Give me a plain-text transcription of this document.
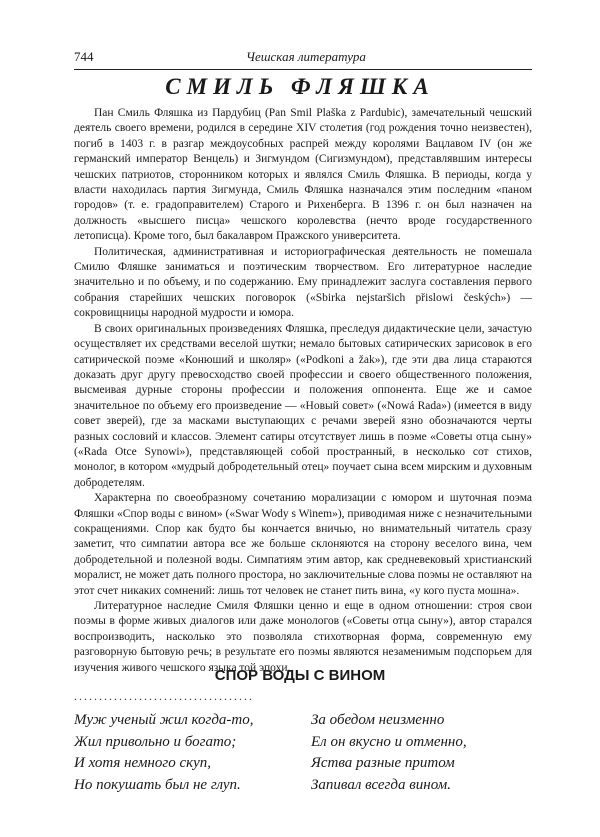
744	Чешская литература
СМИЛЬ ФЛЯШКА

Пан Смиль Фляшка из Пардубиц (Pan Smil Plaška z Pardubic), замечательный чешский деятель своего времени, родился в середине XIV столетия (год рождения точно неизвестен), погиб в 1403 г. в разгар междоусобных распрей между королями Вацлавом IV (он же германский император Венцель) и Зигмундом (Сигизмундом), представлявшим интересы чешских патриотов, сторонником которых и являлся Смиль Фляшка. В периоды, когда у власти находилась партия Зигмунда, Смиль Фляшка назначался этим последним «паном городов» (т. е. градоправителем) Старого и Рихенберга. В 1396 г. он был назначен на должность «высшего писца» чешского королевства (нечто вроде государственного летописца). Кроме того, был бакалавром Пражского университета.

Политическая, административная и историографическая деятельность не помешала Смилю Фляшке заниматься и поэтическим творчеством. Его литературное наследие значительно и по объему, и по содержанию. Ему принадлежит заслуга составления первого собрания старейших чешских поговорок («Sbirka nejstaršich přislowi českých») — сокровищницы народной мудрости и юмора.

В своих оригинальных произведениях Фляшка, преследуя дидактические цели, зачастую осуществляет их средствами веселой шутки; немало бытовых сатирических зарисовок в его сатирической поэме «Конюший и школяр» («Podkoni a žak»), где эти два лица стараются доказать друг другу превосходство своей профессии и своего общественного положения, высмеивая дурные стороны профессии и положения оппонента. Еще же и самое значительное по объему его произведение — «Новый совет» («Nowá Rada») (имеется в виду совет зверей), где за масками выступающих с речами зверей язно обозначаются черты разных сословий и классов. Элемент сатиры отсутствует лишь в поэме «Советы отца сыну» («Rada Otce Synowi»), представляющей собой пространный, в несколько сот стихов, монолог, в котором «мудрый добродетельный отец» поучает сына всем мирским и духовным добродетелям.

Характерна по своеобразному сочетанию морализации с юмором и шуточная поэма Фляшки «Спор воды с вином» («Swar Wody s Winem»), приводимая ниже с незначительными сокращениями. Спор как будто бы кончается вничью, но внимательный читатель сразу заметит, что симпатии автора все же больше склоняются на сторону веселого вина, чем добродетельной и полезной воды. Симпатиям этим автор, как средневековый христианский моралист, не может дать полного простора, но заключительные слова поэмы не оставляют на этот счет никаких сомнений: лишь тот человек не станет пить вина, «у кого пуста мошна».

Литературное наследие Смиля Фляшки ценно и еще в одном отношении: строя свои поэмы в форме живых диалогов или даже монологов («Советы отца сыну»), автор старался воспроизводить, насколько это позволяла стихотворная форма, современную ему разговорную бытовую речь; в результате его поэмы являются незаменимым подспорьем для изучения живого чешского языка той эпохи.

СПОР ВОДЫ С ВИНОМ
....................................
Муж ученый жил когда-то,
Жил привольно и богато;
И хотя немного скуп,
Но покушать был не глуп.
За обедом неизменно
Ел он вкусно и отменно,
Яства разные притом
Запивал всегда вином.
